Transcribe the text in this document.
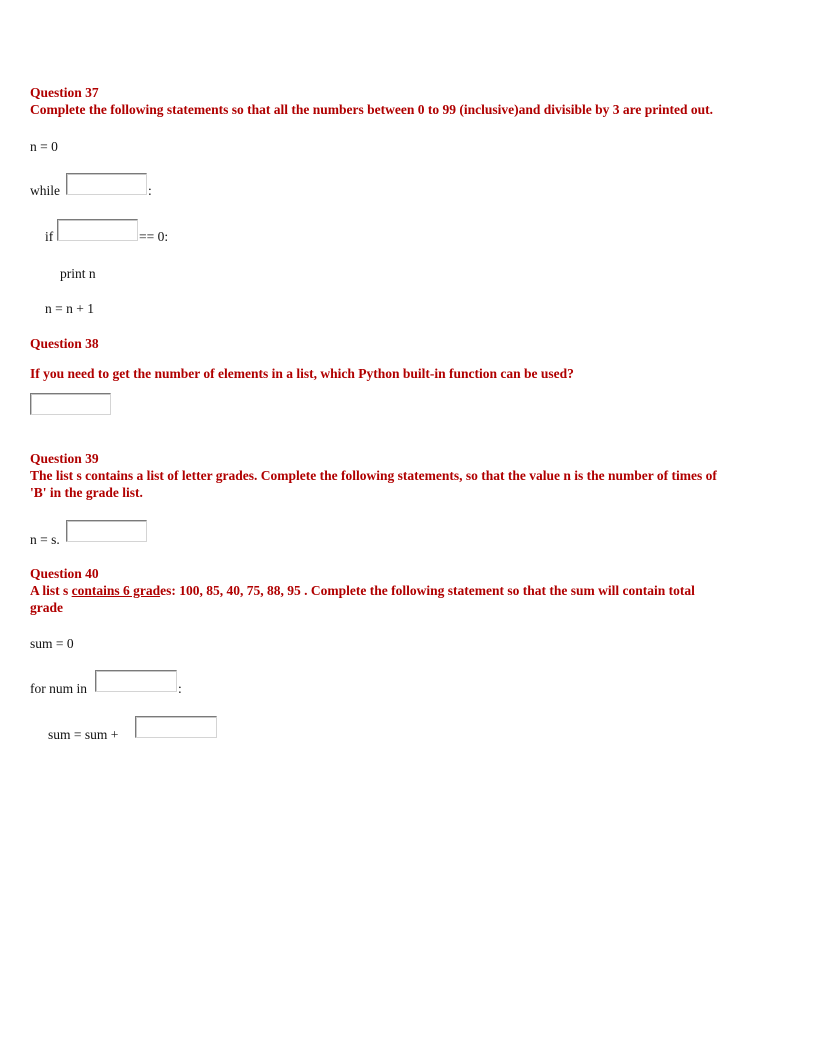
Question 37
Complete the following statements so that all the numbers between 0 to 99 (inclusive)and divisible by 3 are printed out.
n = 0
while	:
if	== 0:
print n
n = n + 1
Question 38
If you need to get the number of elements in a list, which Python built-in function can be used?
Question 39
The list s contains a list of letter grades. Complete the following statements, so that the value n is the number of times of
'B' in the grade list.
n = s.
Question 40
A list s contains 6 grades: 100, 85, 40, 75, 88, 95 . Complete the following statement so that the sum will contain total
grade
sum = 0
for num in	:
sum = sum +
